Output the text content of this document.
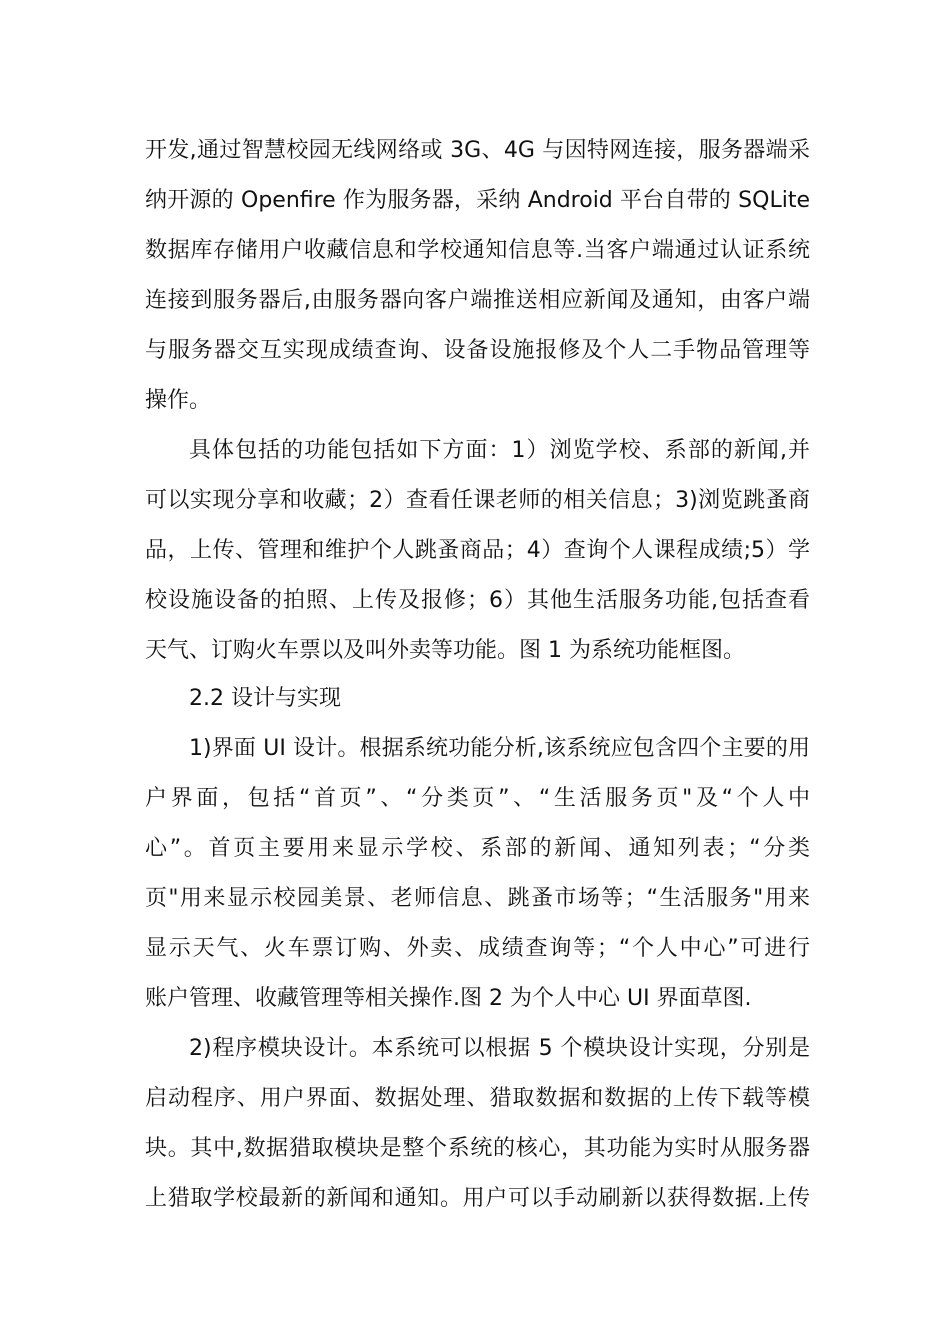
开发,通过智慧校园无线网络或 3G、4G 与因特网连接，服务器端采
纳开源的 Openfire 作为服务器，采纳 Android 平台自带的 SQLite
数据库存储用户收藏信息和学校通知信息等.当客户端通过认证系统
连接到服务器后,由服务器向客户端推送相应新闻及通知，由客户端
与服务器交互实现成绩查询、设备设施报修及个人二手物品管理等
操作。
具体包括的功能包括如下方面：1）浏览学校、系部的新闻,并
可以实现分享和收藏；2）查看任课老师的相关信息；3)浏览跳蚤商
品，上传、管理和维护个人跳蚤商品；4）查询个人课程成绩;5）学
校设施设备的拍照、上传及报修；6）其他生活服务功能,包括查看
天气、订购火车票以及叫外卖等功能。图 1 为系统功能框图。
2.2 设计与实现
1)界面 UI 设计。根据系统功能分析,该系统应包含四个主要的用
户界面，包括“首页”、“分类页”、“生活服务页"及“个人中
心”。首页主要用来显示学校、系部的新闻、通知列表；“分类
页"用来显示校园美景、老师信息、跳蚤市场等；“生活服务"用来
显示天气、火车票订购、外卖、成绩查询等；“个人中心”可进行
账户管理、收藏管理等相关操作.图 2 为个人中心 UI 界面草图.
2)程序模块设计。本系统可以根据 5 个模块设计实现，分别是
启动程序、用户界面、数据处理、猎取数据和数据的上传下载等模
块。其中,数据猎取模块是整个系统的核心，其功能为实时从服务器
上猎取学校最新的新闻和通知。用户可以手动刷新以获得数据.上传
